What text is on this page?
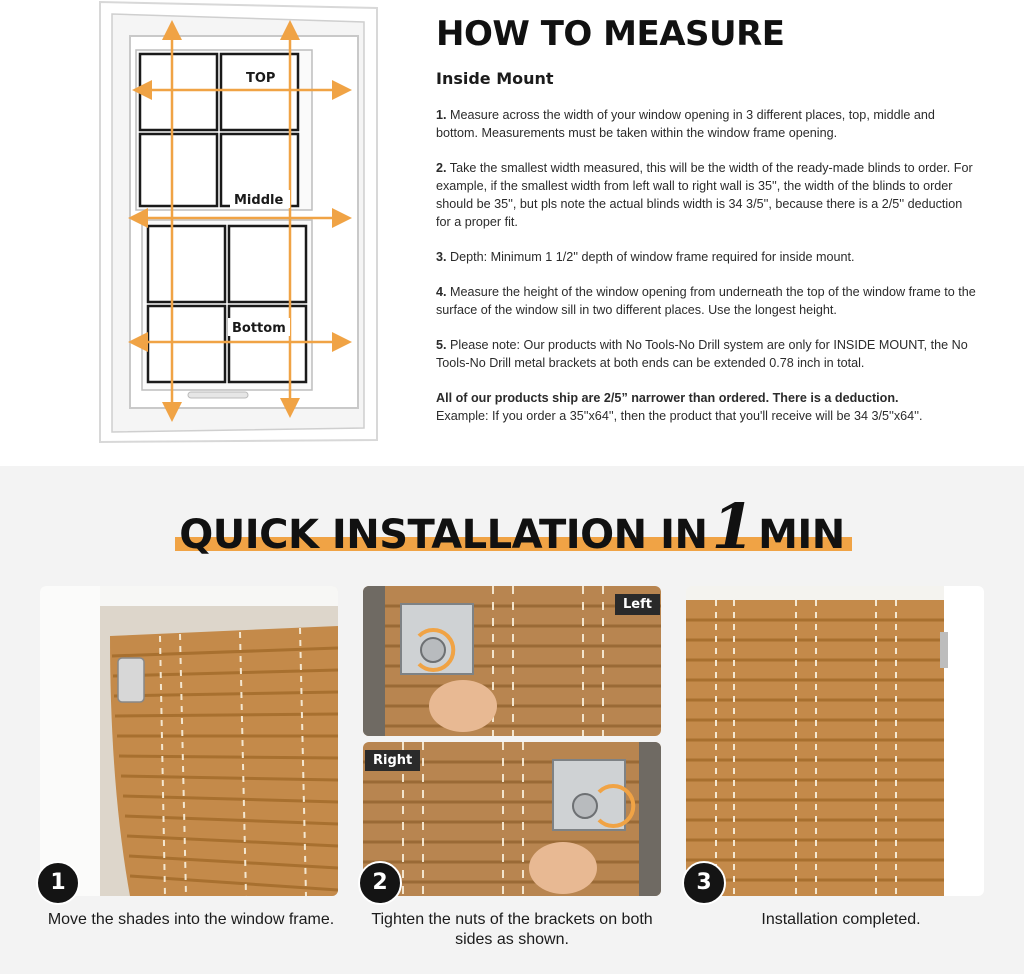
TOP
Middle
Bottom
HOW TO MEASURE
Inside Mount

1. Measure across the width of your window opening in 3 different places, top, middle and bottom. Measurements must be taken within the window frame opening.

2. Take the smallest width measured, this will be the width of the ready-made blinds to order. For example, if the smallest width from left wall to right wall is 35'', the width of the blinds to order should be 35'', but pls note the actual blinds width is 34 3/5'', because there is a 2/5'' deduction for a proper fit.

3. Depth: Minimum 1 1/2'' depth of window frame required for inside mount.

4. Measure the height of the window opening from underneath the top of the window frame to the surface of the window sill in two different places. Use the longest height.

5. Please note: Our products with No Tools-No Drill system are only for INSIDE MOUNT, the No Tools-No Drill metal brackets at both ends can be extended 0.78 inch in total.

All of our products ship are 2/5” narrower than ordered. There is a deduction.
Example: If you order a 35''x64'', then the product that you'll receive will be 34 3/5''x64''.

QUICK INSTALLATION IN1 MIN
1
Move the shades into the window frame.
Left
Right
2
Tighten the nuts of the brackets on both sides as shown.
3
Installation completed.
